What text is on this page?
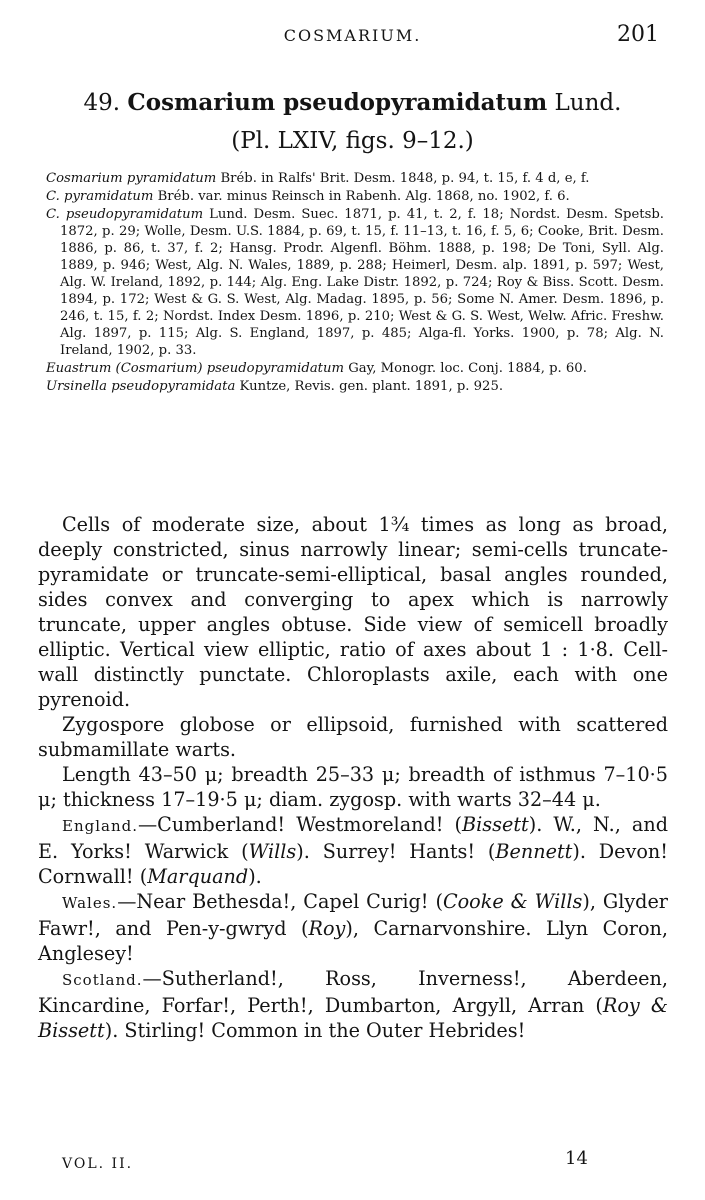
COSMARIUM.	201
49. Cosmarium pseudopyramidatum Lund.
(Pl. LXIV, figs. 9–12.)

Cosmarium pyramidatum Bréb. in Ralfs' Brit. Desm. 1848, p. 94, t. 15, f. 4 d, e, f.

C. pyramidatum Bréb. var. minus Reinsch in Rabenh. Alg. 1868, no. 1902, f. 6.

C. pseudopyramidatum Lund. Desm. Suec. 1871, p. 41, t. 2, f. 18; Nordst. Desm. Spetsb. 1872, p. 29; Wolle, Desm. U.S. 1884, p. 69, t. 15, f. 11–13, t. 16, f. 5, 6; Cooke, Brit. Desm. 1886, p. 86, t. 37, f. 2; Hansg. Prodr. Algenfl. Böhm. 1888, p. 198; De Toni, Syll. Alg. 1889, p. 946; West, Alg. N. Wales, 1889, p. 288; Heimerl, Desm. alp. 1891, p. 597; West, Alg. W. Ireland, 1892, p. 144; Alg. Eng. Lake Distr. 1892, p. 724; Roy & Biss. Scott. Desm. 1894, p. 172; West & G. S. West, Alg. Madag. 1895, p. 56; Some N. Amer. Desm. 1896, p. 246, t. 15, f. 2; Nordst. Index Desm. 1896, p. 210; West & G. S. West, Welw. Afric. Freshw. Alg. 1897, p. 115; Alg. S. England, 1897, p. 485; Alga-fl. Yorks. 1900, p. 78; Alg. N. Ireland, 1902, p. 33.

Euastrum (Cosmarium) pseudopyramidatum Gay, Monogr. loc. Conj. 1884, p. 60.

Ursinella pseudopyramidata Kuntze, Revis. gen. plant. 1891, p. 925.

Cells of moderate size, about 1¾ times as long as broad, deeply constricted, sinus narrowly linear; semi-cells truncate-pyramidate or truncate-semi-elliptical, basal angles rounded, sides convex and converging to apex which is narrowly truncate, upper angles obtuse. Side view of semicell broadly elliptic. Vertical view elliptic, ratio of axes about 1 : 1·8. Cell-wall distinctly punctate. Chloroplasts axile, each with one pyrenoid.

Zygospore globose or ellipsoid, furnished with scattered submamillate warts.

Length 43–50 μ; breadth 25–33 μ; breadth of isthmus 7–10·5 μ; thickness 17–19·5 μ; diam. zygosp. with warts 32–44 μ.

England.—Cumberland! Westmoreland! (Bissett). W., N., and E. Yorks! Warwick (Wills). Surrey! Hants! (Bennett). Devon! Cornwall! (Marquand).

Wales.—Near Bethesda!, Capel Curig! (Cooke & Wills), Glyder Fawr!, and Pen-y-gwryd (Roy), Carnarvonshire. Llyn Coron, Anglesey!

Scotland.—Sutherland!, Ross, Inverness!, Aberdeen, Kincardine, Forfar!, Perth!, Dumbarton, Argyll, Arran (Roy & Bissett). Stirling! Common in the Outer Hebrides!

VOL. II.	14
